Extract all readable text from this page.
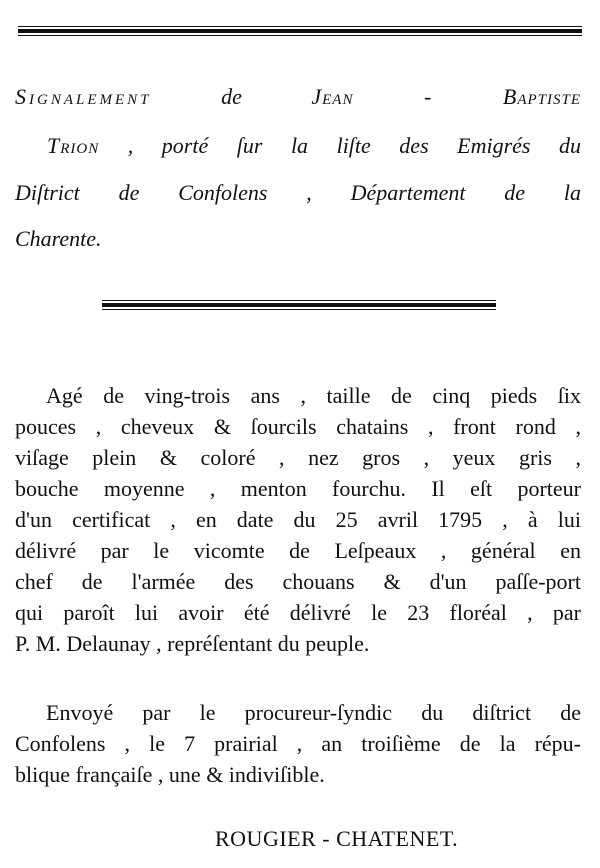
Signalement	de	Jean - Baptiste
Trion , porté ſur la liſte des Emigrés du
Diſtrict de Confolens , Département de la
Charente.
Agé de ving-trois ans , taille de cinq pieds ſix
pouces , cheveux & ſourcils chatains , front rond ,
viſage plein & coloré , nez gros , yeux gris ,
bouche moyenne , menton fourchu. Il eſt porteur
d'un certificat , en date du 25 avril 1795 , à lui
délivré par le vicomte de Leſpeaux , général en
chef de l'armée des chouans & d'un paſſe-port
qui paroît lui avoir été délivré le 23 floréal , par
P. M. Delaunay , repréſentant du peuple.
Envoyé par le procureur-ſyndic du diſtrict de
Confolens , le 7 prairial , an troiſième de la répu-
blique françaiſe , une & indiviſible.
ROUGIER - CHATENET.
